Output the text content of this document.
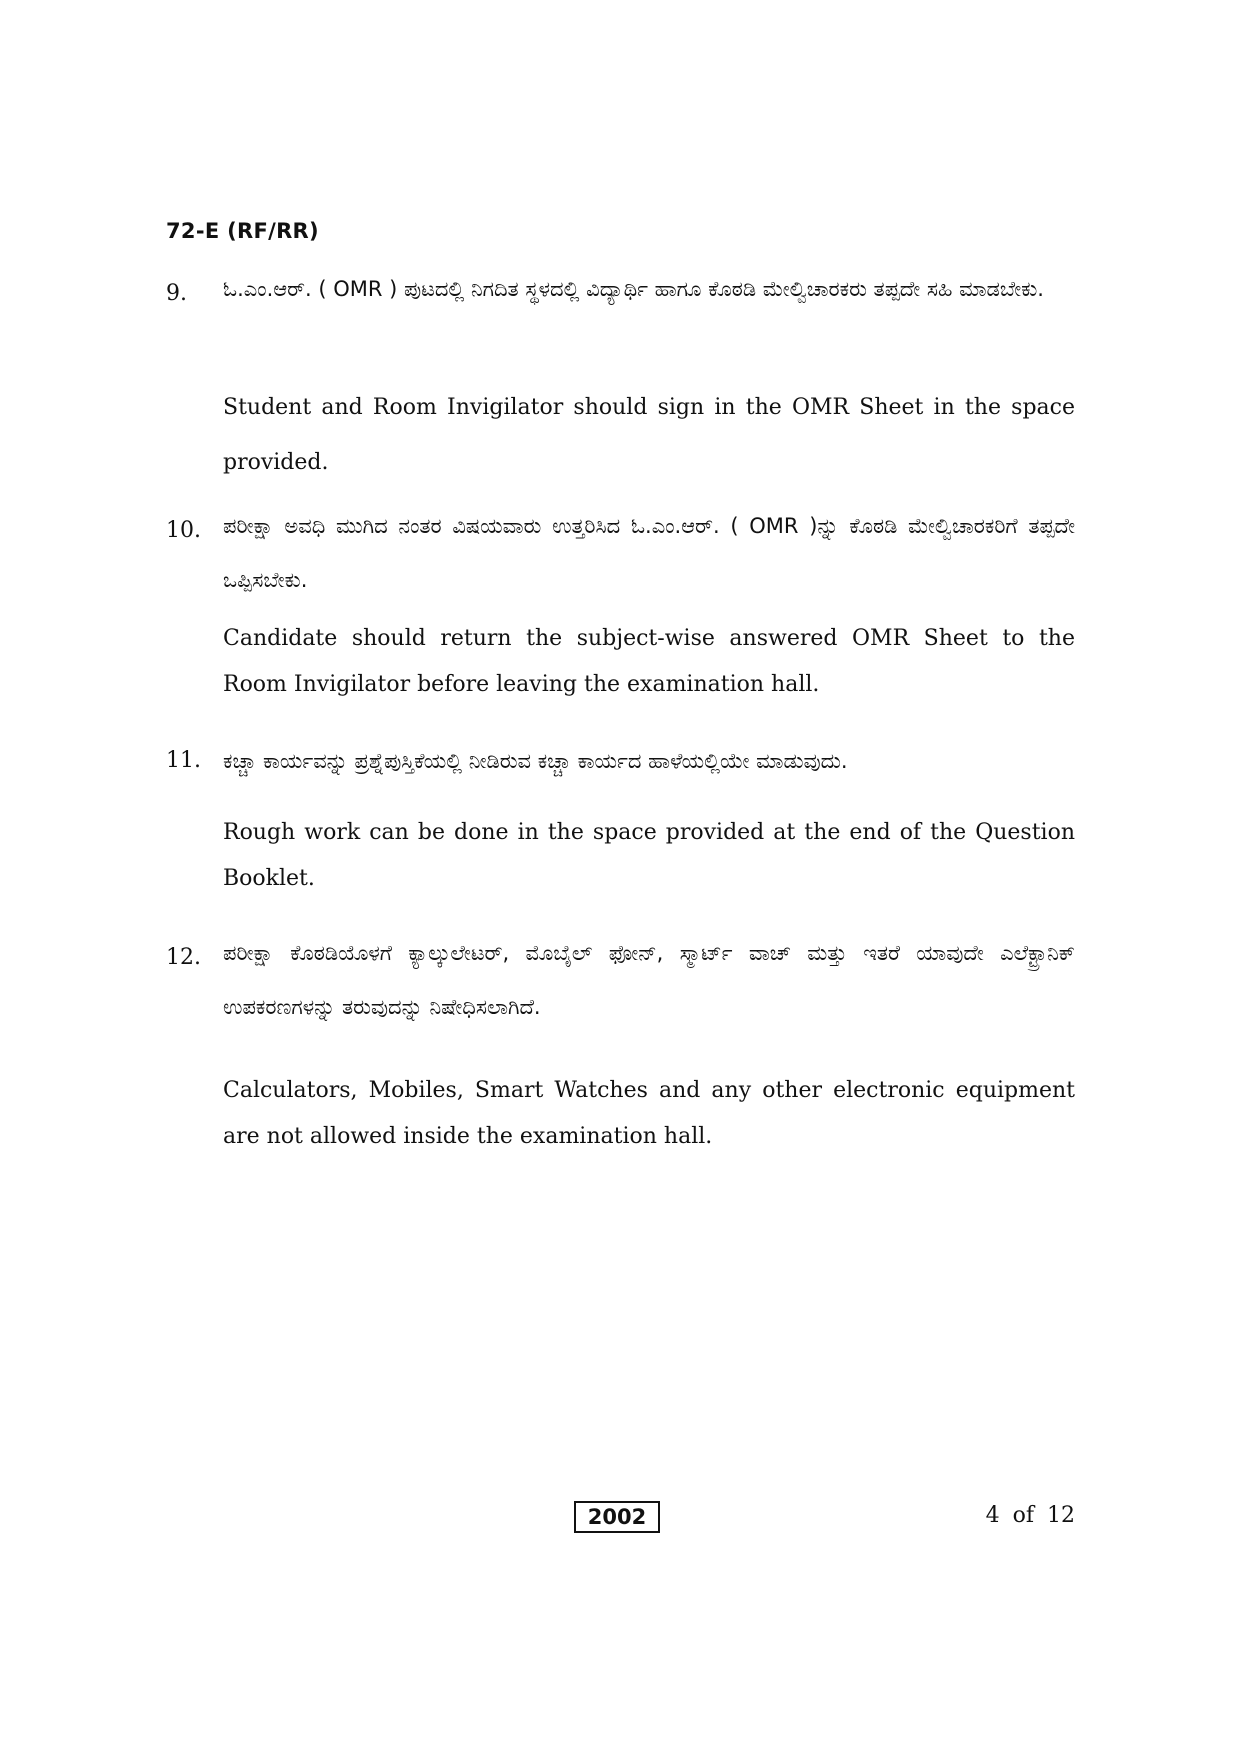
72-E (RF/RR)
9. ಓ.ಎಂ.ಆರ್. ( OMR ) ಪುಟದಲ್ಲಿ ನಿಗದಿತ ಸ್ಥಳದಲ್ಲಿ ವಿದ್ಯಾರ್ಥಿ ಹಾಗೂ ಕೊಠಡಿ ಮೇಲ್ವಿಚಾರಕರು ತಪ್ಪದೇ ಸಹಿ ಮಾಡಬೇಕು.
Student and Room Invigilator should sign in the OMR Sheet in the space provided.
10. ಪರೀಕ್ಷಾ ಅವಧಿ ಮುಗಿದ ನಂತರ ವಿಷಯವಾರು ಉತ್ತರಿಸಿದ ಓ.ಎಂ.ಆರ್. ( OMR )ನ್ನು ಕೊಠಡಿ ಮೇಲ್ವಿಚಾರಕರಿಗೆ ತಪ್ಪದೇ ಒಪ್ಪಿಸಬೇಕು.
Candidate should return the subject-wise answered OMR Sheet to the Room Invigilator before leaving the examination hall.
11. ಕಚ್ಚಾ ಕಾರ್ಯವನ್ನು ಪ್ರಶ್ನೆಪುಸ್ತಿಕೆಯಲ್ಲಿ ನೀಡಿರುವ ಕಚ್ಚಾ ಕಾರ್ಯದ ಹಾಳೆಯಲ್ಲಿಯೇ ಮಾಡುವುದು.
Rough work can be done in the space provided at the end of the Question Booklet.
12. ಪರೀಕ್ಷಾ ಕೊಠಡಿಯೊಳಗೆ ಕ್ಯಾಲ್ಕುಲೇಟರ್, ಮೊಬೈಲ್ ಫೋನ್, ಸ್ಮಾರ್ಟ್ ವಾಚ್ ಮತ್ತು ಇತರೆ ಯಾವುದೇ ಎಲೆಕ್ಟ್ರಾನಿಕ್ ಉಪಕರಣಗಳನ್ನು ತರುವುದನ್ನು ನಿಷೇಧಿಸಲಾಗಿದೆ.
Calculators, Mobiles, Smart Watches and any other electronic equipment are not allowed inside the examination hall.
2002	4 of 12
